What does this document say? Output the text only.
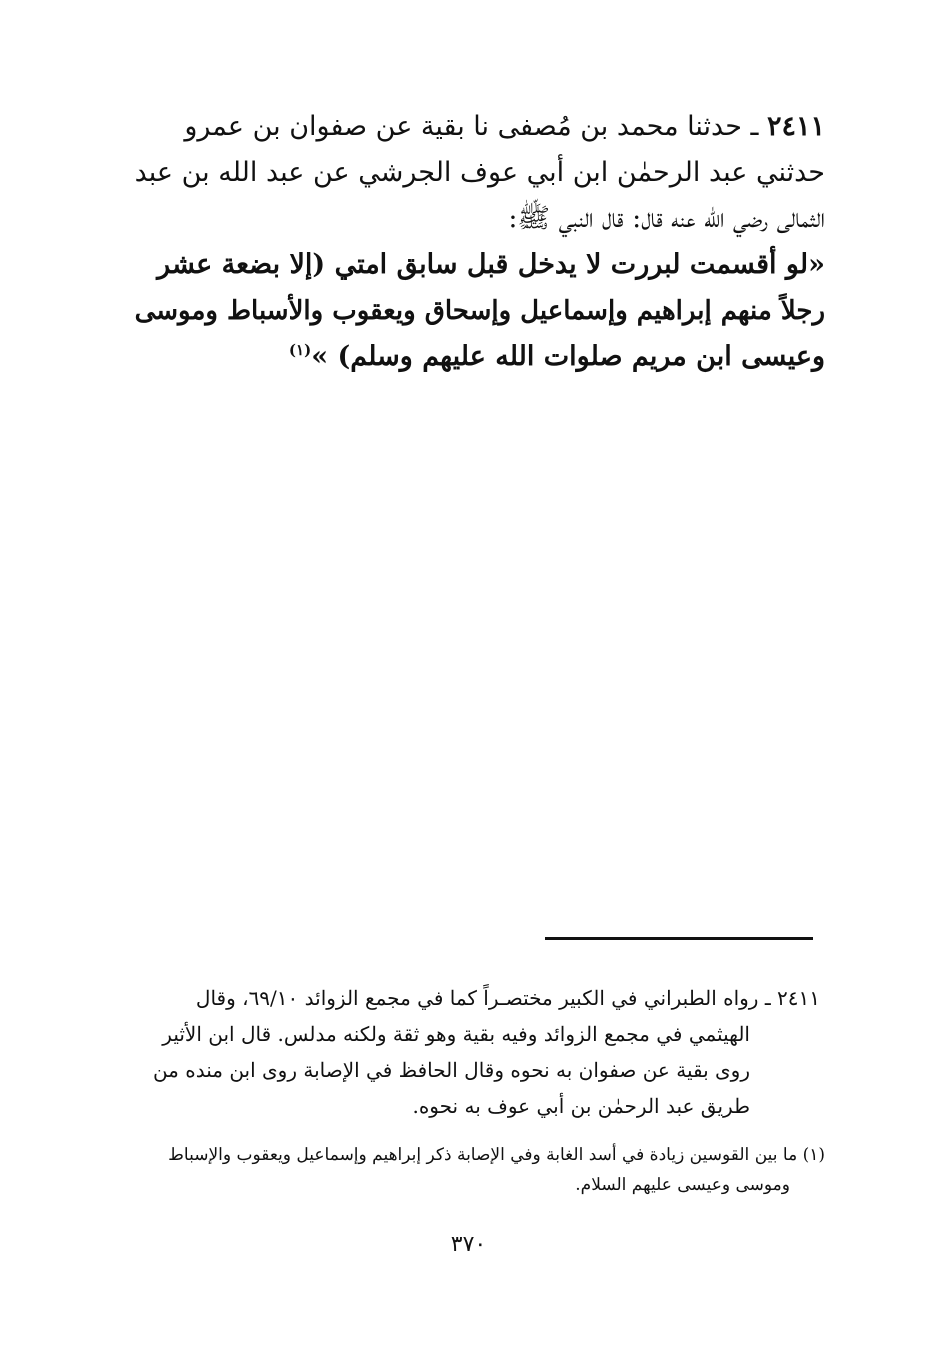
٢٤١١ ـ حدثنا محمد بن مُصفى نا بقية عن صفوان بن عمرو
حدثني عبد الرحمٰن ابن أبي عوف الجرشي عن عبد الله بن عبد
الثمالى رضي الله عنه قال: قال النبي ﷺ:
«لو أقسمت لبررت لا يدخل قبل سابق امتي (إلا بضعة عشر
رجلاً منهم إبراهيم وإسماعيل وإسحاق ويعقوب والأسباط وموسى
وعيسى ابن مريم صلوات الله عليهم وسلم) »$^{(١)}$
٢٤١١ ـ رواه الطبراني في الكبير مختصـراً كما في مجمع الزوائد ٦٩/١٠، وقال
الهيثمي في مجمع الزوائد وفيه بقية وهو ثقة ولكنه مدلس. قال ابن الأثير
روى بقية عن صفوان به نحوه وقال الحافظ في الإصابة روى ابن منده من
طريق عبد الرحمٰن بن أبي عوف به نحوه.
(١) ما بين القوسين زيادة في أسد الغابة وفي الإصابة ذكر إبراهيم وإسماعيل ويعقوب والإسباط
وموسى وعيسى عليهم السلام.
٣٧٠
